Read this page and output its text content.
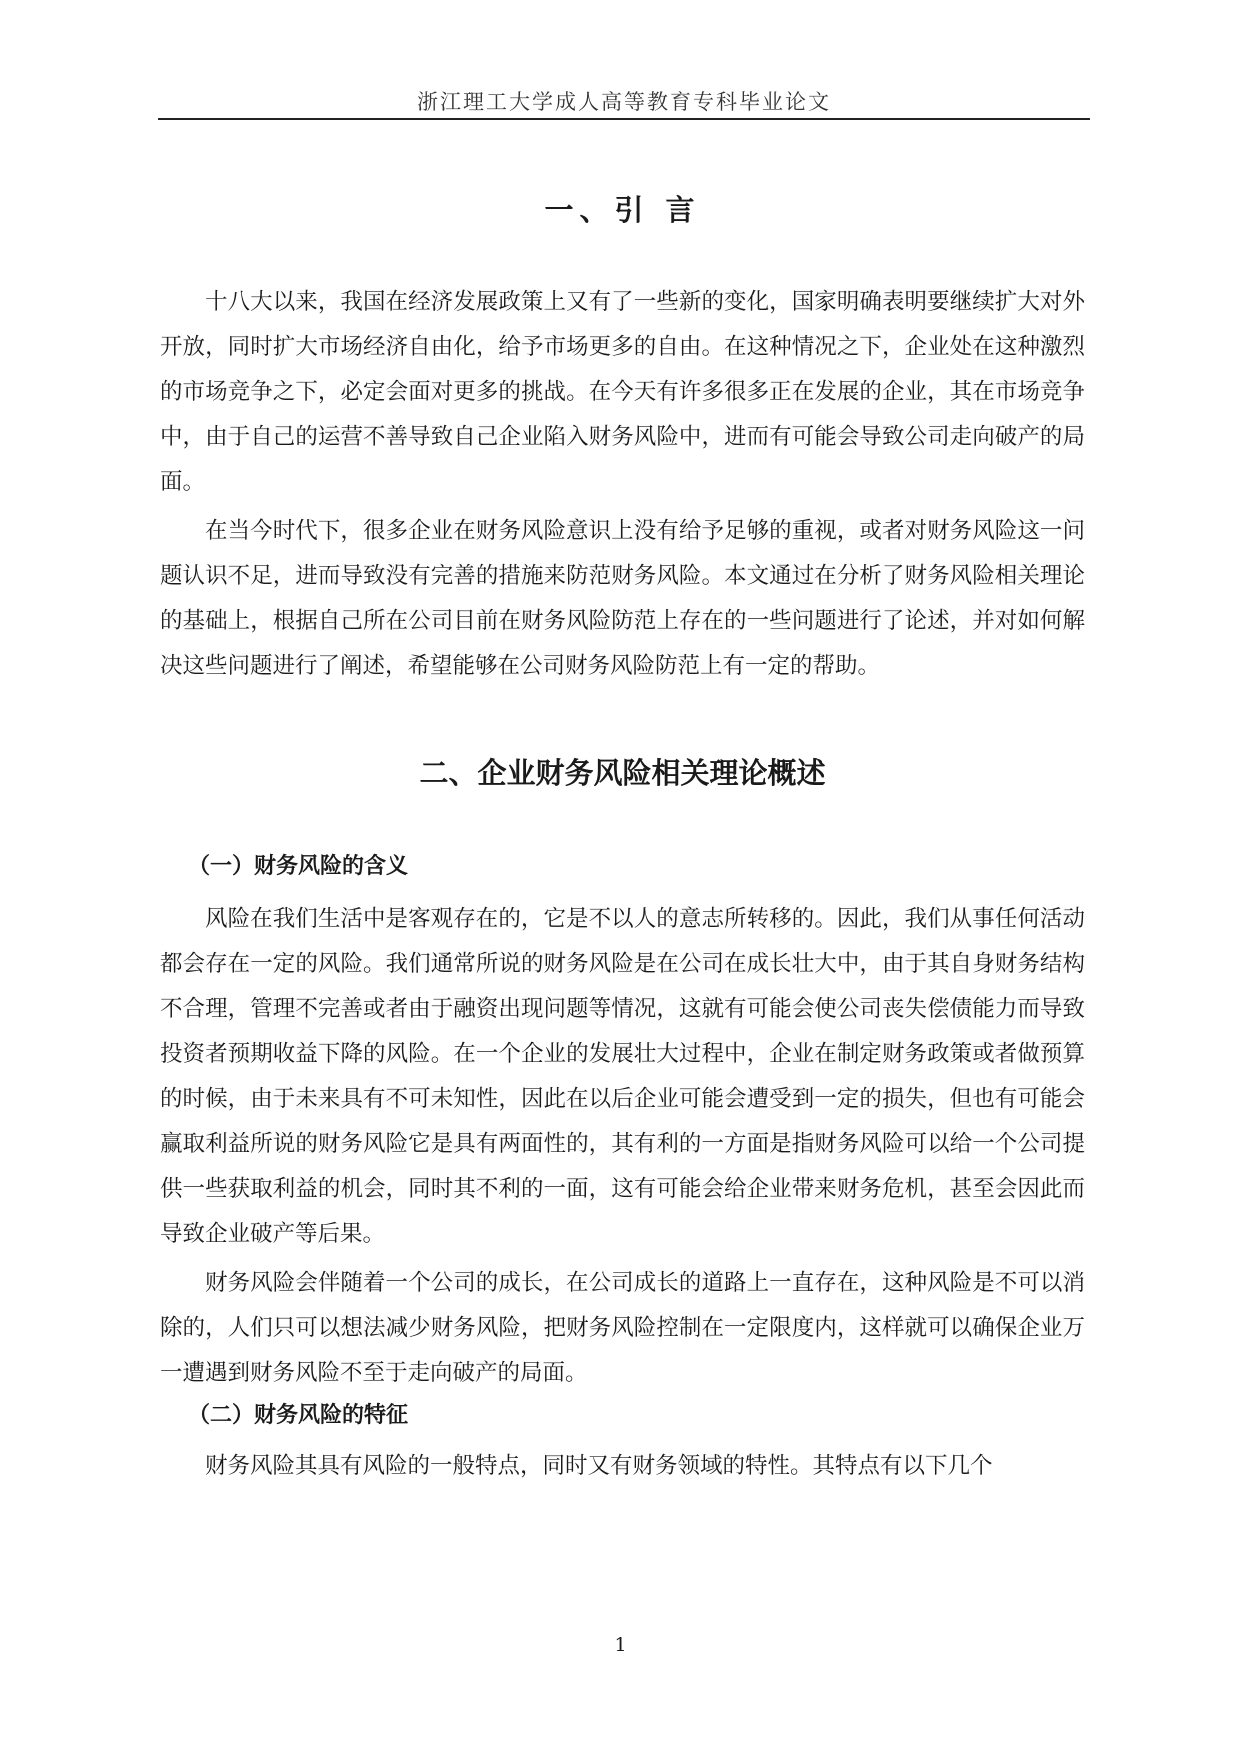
浙江理工大学成人高等教育专科毕业论文
一、引 言

十八大以来，我国在经济发展政策上又有了一些新的变化，国家明确表明要继续扩大对外开放，同时扩大市场经济自由化，给予市场更多的自由。在这种情况之下，企业处在这种激烈的市场竞争之下，必定会面对更多的挑战。在今天有许多很多正在发展的企业，其在市场竞争中，由于自己的运营不善导致自己企业陷入财务风险中，进而有可能会导致公司走向破产的局面。

在当今时代下，很多企业在财务风险意识上没有给予足够的重视，或者对财务风险这一问题认识不足，进而导致没有完善的措施来防范财务风险。本文通过在分析了财务风险相关理论的基础上，根据自己所在公司目前在财务风险防范上存在的一些问题进行了论述，并对如何解决这些问题进行了阐述，希望能够在公司财务风险防范上有一定的帮助。

二、企业财务风险相关理论概述
（一）财务风险的含义

风险在我们生活中是客观存在的，它是不以人的意志所转移的。因此，我们从事任何活动都会存在一定的风险。我们通常所说的财务风险是在公司在成长壮大中，由于其自身财务结构不合理，管理不完善或者由于融资出现问题等情况，这就有可能会使公司丧失偿债能力而导致投资者预期收益下降的风险。在一个企业的发展壮大过程中，企业在制定财务政策或者做预算的时候，由于未来具有不可未知性，因此在以后企业可能会遭受到一定的损失，但也有可能会赢取利益所说的财务风险它是具有两面性的，其有利的一方面是指财务风险可以给一个公司提供一些获取利益的机会，同时其不利的一面，这有可能会给企业带来财务危机，甚至会因此而导致企业破产等后果。

财务风险会伴随着一个公司的成长，在公司成长的道路上一直存在，这种风险是不可以消除的，人们只可以想法减少财务风险，把财务风险控制在一定限度内，这样就可以确保企业万一遭遇到财务风险不至于走向破产的局面。

（二）财务风险的特征

财务风险其具有风险的一般特点，同时又有财务领域的特性。其特点有以下几个

1
